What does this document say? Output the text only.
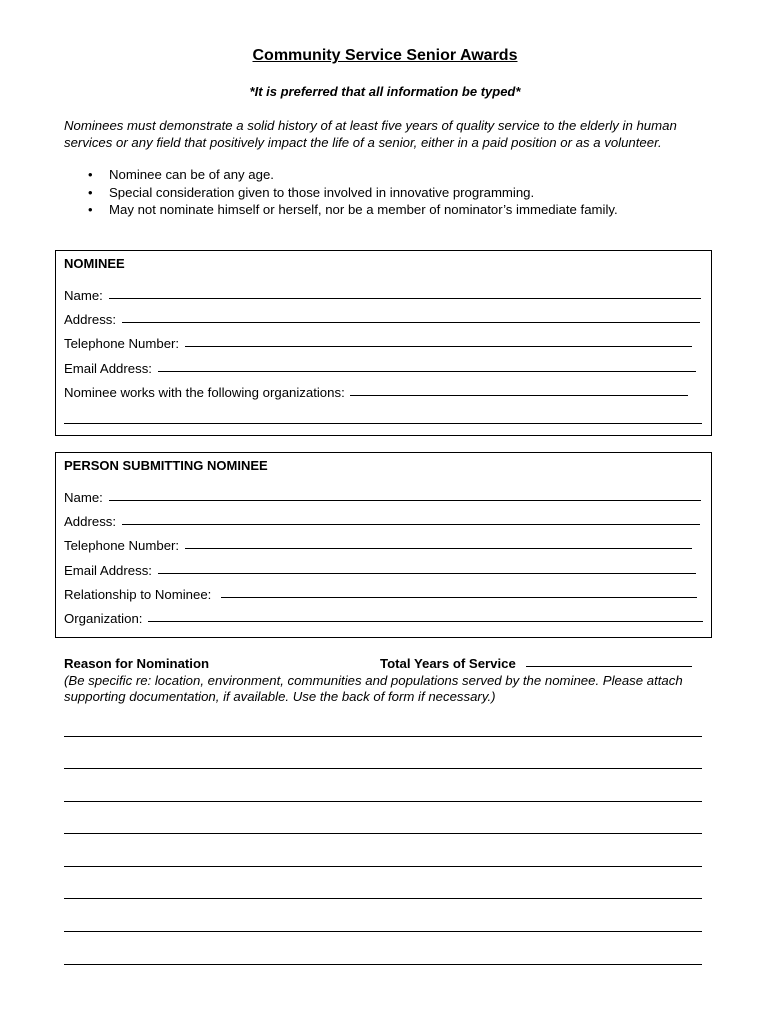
Community Service Senior Awards
*It is preferred that all information be typed*
Nominees must demonstrate a solid history of at least five years of quality service to the elderly in human services or any field that positively impact the life of a senior, either in a paid position or as a volunteer.
• Nominee can be of any age.
• Special consideration given to those involved in innovative programming.
• May not nominate himself or herself, nor be a member of nominator’s immediate family.
NOMINEE
Name:
Address:
Telephone Number:
Email Address:
Nominee works with the following organizations:
PERSON SUBMITTING NOMINEE
Name:
Address:
Telephone Number:
Email Address:
Relationship to Nominee:
Organization:
Reason for Nomination	Total Years of Service
(Be specific re: location, environment, communities and populations served by the nominee. Please attach supporting documentation, if available. Use the back of form if necessary.)
